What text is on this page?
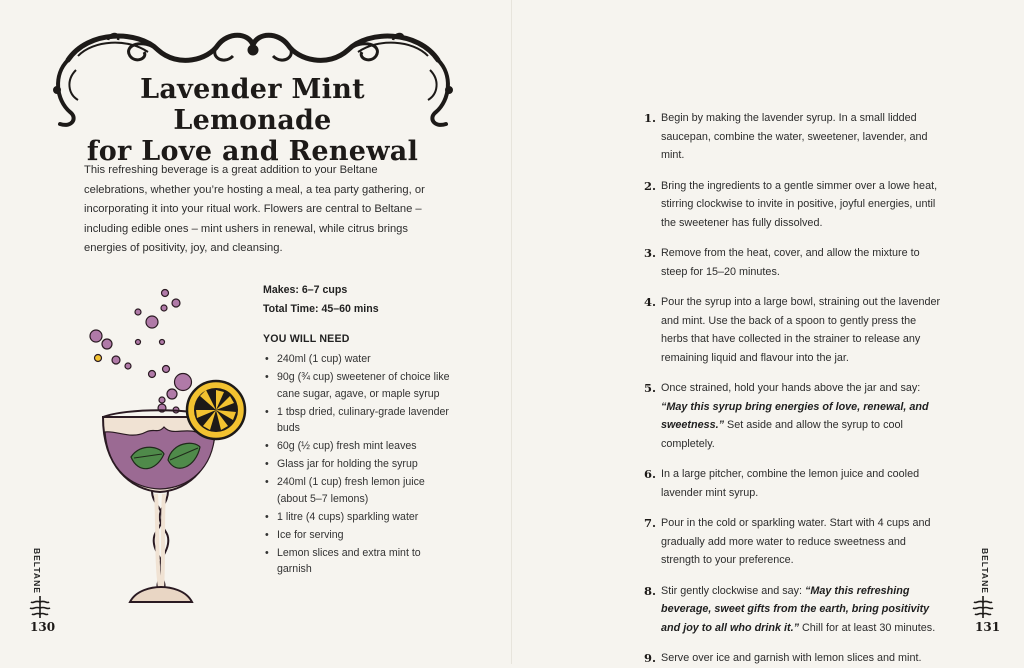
Lavender Mint Lemonade
for Love and Renewal

This refreshing beverage is a great addition to your Beltane celebrations, whether you’re hosting a meal, a tea party gathering, or incorporating it into your ritual work. Flowers are central to Beltane – including edible ones – mint ushers in renewal, while citrus brings energies of positivity, joy, and cleansing.

Makes: 6–7 cups
Total Time: 45–60 mins
YOU WILL NEED
• 240ml (1 cup) water
• 90g (¾ cup) sweetener of choice like cane sugar, agave, or maple syrup
• 1 tbsp dried, culinary-grade lavender buds
• 60g (½ cup) fresh mint leaves
• Glass jar for holding the syrup
• 240ml (1 cup) fresh lemon juice (about 5–7 lemons)
• 1 litre (4 cups) sparkling water
• Ice for serving
• Lemon slices and extra mint to garnish
BELTANE
130
1. Begin by making the lavender syrup. In a small lidded saucepan, combine the water, sweetener, lavender, and mint.
2. Bring the ingredients to a gentle simmer over a lowe heat, stirring clockwise to invite in positive, joyful energies, until the sweetener has fully dissolved.
3. Remove from the heat, cover, and allow the mixture to steep for 15–20 minutes.
4. Pour the syrup into a large bowl, straining out the lavender and mint. Use the back of a spoon to gently press the herbs that have collected in the strainer to release any remaining liquid and flavour into the jar.
5. Once strained, hold your hands above the jar and say: “May this syrup bring energies of love, renewal, and sweetness.” Set aside and allow the syrup to cool completely.
6. In a large pitcher, combine the lemon juice and cooled lavender mint syrup.
7. Pour in the cold or sparkling water. Start with 4 cups and gradually add more water to reduce sweetness and strength to your preference.
8. Stir gently clockwise and say: “May this refreshing beverage, sweet gifts from the earth, bring positivity and joy to all who drink it.” Chill for at least 30 minutes.
9. Serve over ice and garnish with lemon slices and mint.
BELTANE
131
